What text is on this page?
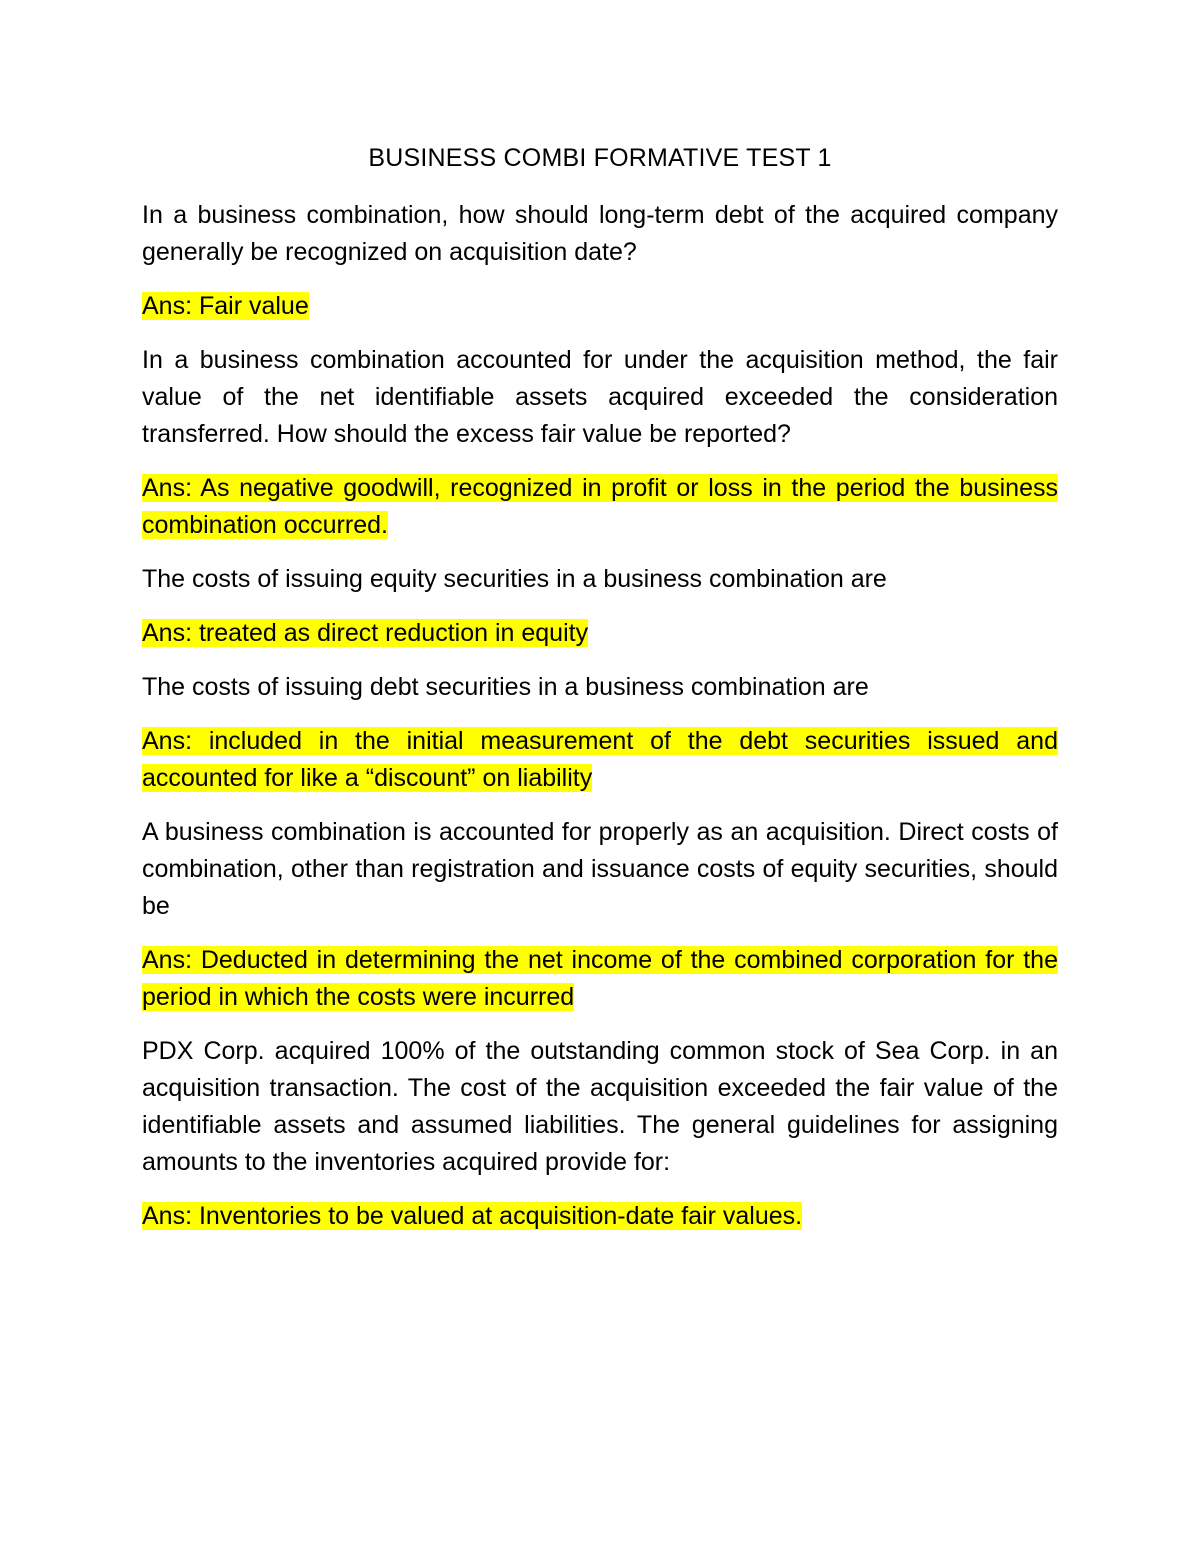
BUSINESS COMBI FORMATIVE TEST 1

In a business combination, how should long-term debt of the acquired company generally be recognized on acquisition date?

Ans: Fair value

In a business combination accounted for under the acquisition method, the fair value of the net identifiable assets acquired exceeded the consideration transferred. How should the excess fair value be reported?

Ans: As negative goodwill, recognized in profit or loss in the period the business combination occurred.

The costs of issuing equity securities in a business combination are

Ans: treated as direct reduction in equity

The costs of issuing debt securities in a business combination are

Ans: included in the initial measurement of the debt securities issued and accounted for like a “discount” on liability

A business combination is accounted for properly as an acquisition. Direct costs of combination, other than registration and issuance costs of equity securities, should be

Ans: Deducted in determining the net income of the combined corporation for the period in which the costs were incurred

PDX Corp. acquired 100% of the outstanding common stock of Sea Corp. in an acquisition transaction. The cost of the acquisition exceeded the fair value of the identifiable assets and assumed liabilities. The general guidelines for assigning amounts to the inventories acquired provide for:

Ans: Inventories to be valued at acquisition-date fair values.
